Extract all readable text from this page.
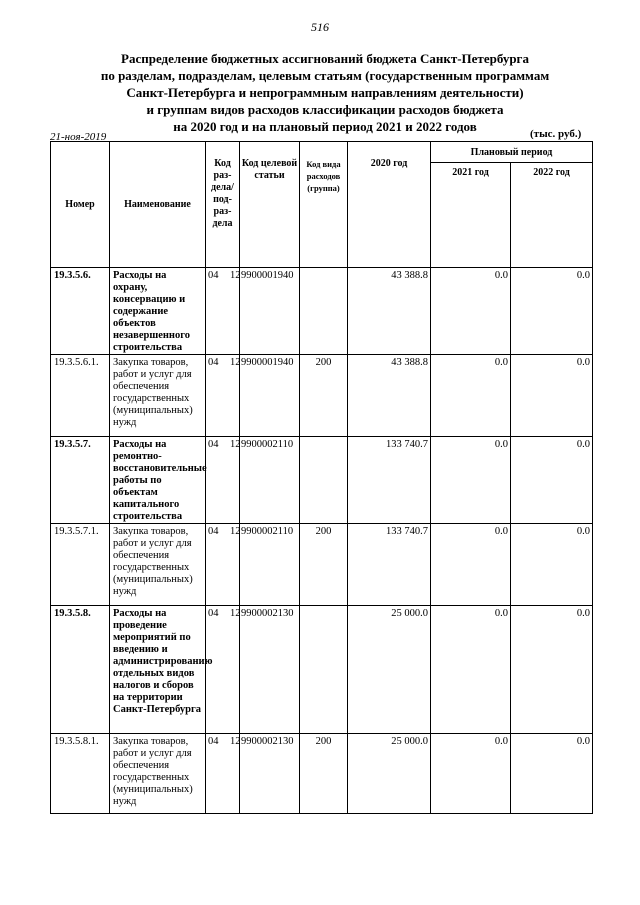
516
Распределение бюджетных ассигнований бюджета Санкт-Петербурга
по разделам, подразделам, целевым статьям (государственным программам
Санкт-Петербурга и непрограммным направлениям деятельности)
и группам видов расходов классификации расходов бюджета
на 2020 год и на плановый период 2021 и 2022 годов
21-ноя-2019	(тыс. руб.)
Номер	Наименование	Код раз-дела/ под-раз-дела	Код целевой статьи	Код вида расходов (группа)	2020 год	Плановый период	
						2021 год	2022 год
19.3.5.6.	Расходы на охрану, консервацию и содержание объектов незавершенного строительства	04 12	9900001940		43 388.8	0.0	0.0
19.3.5.6.1.	Закупка товаров, работ и услуг для обеспечения государственных (муниципальных) нужд	04 12	9900001940	200	43 388.8	0.0	0.0
19.3.5.7.	Расходы на ремонтно-восстановительные работы по объектам капитального строительства	04 12	9900002110		133 740.7	0.0	0.0
19.3.5.7.1.	Закупка товаров, работ и услуг для обеспечения государственных (муниципальных) нужд	04 12	9900002110	200	133 740.7	0.0	0.0
19.3.5.8.	Расходы на проведение мероприятий по введению и администрированию отдельных видов налогов и сборов на территории Санкт-Петербурга	04 12	9900002130		25 000.0	0.0	0.0
19.3.5.8.1.	Закупка товаров, работ и услуг для обеспечения государственных (муниципальных) нужд	04 12	9900002130	200	25 000.0	0.0	0.0
